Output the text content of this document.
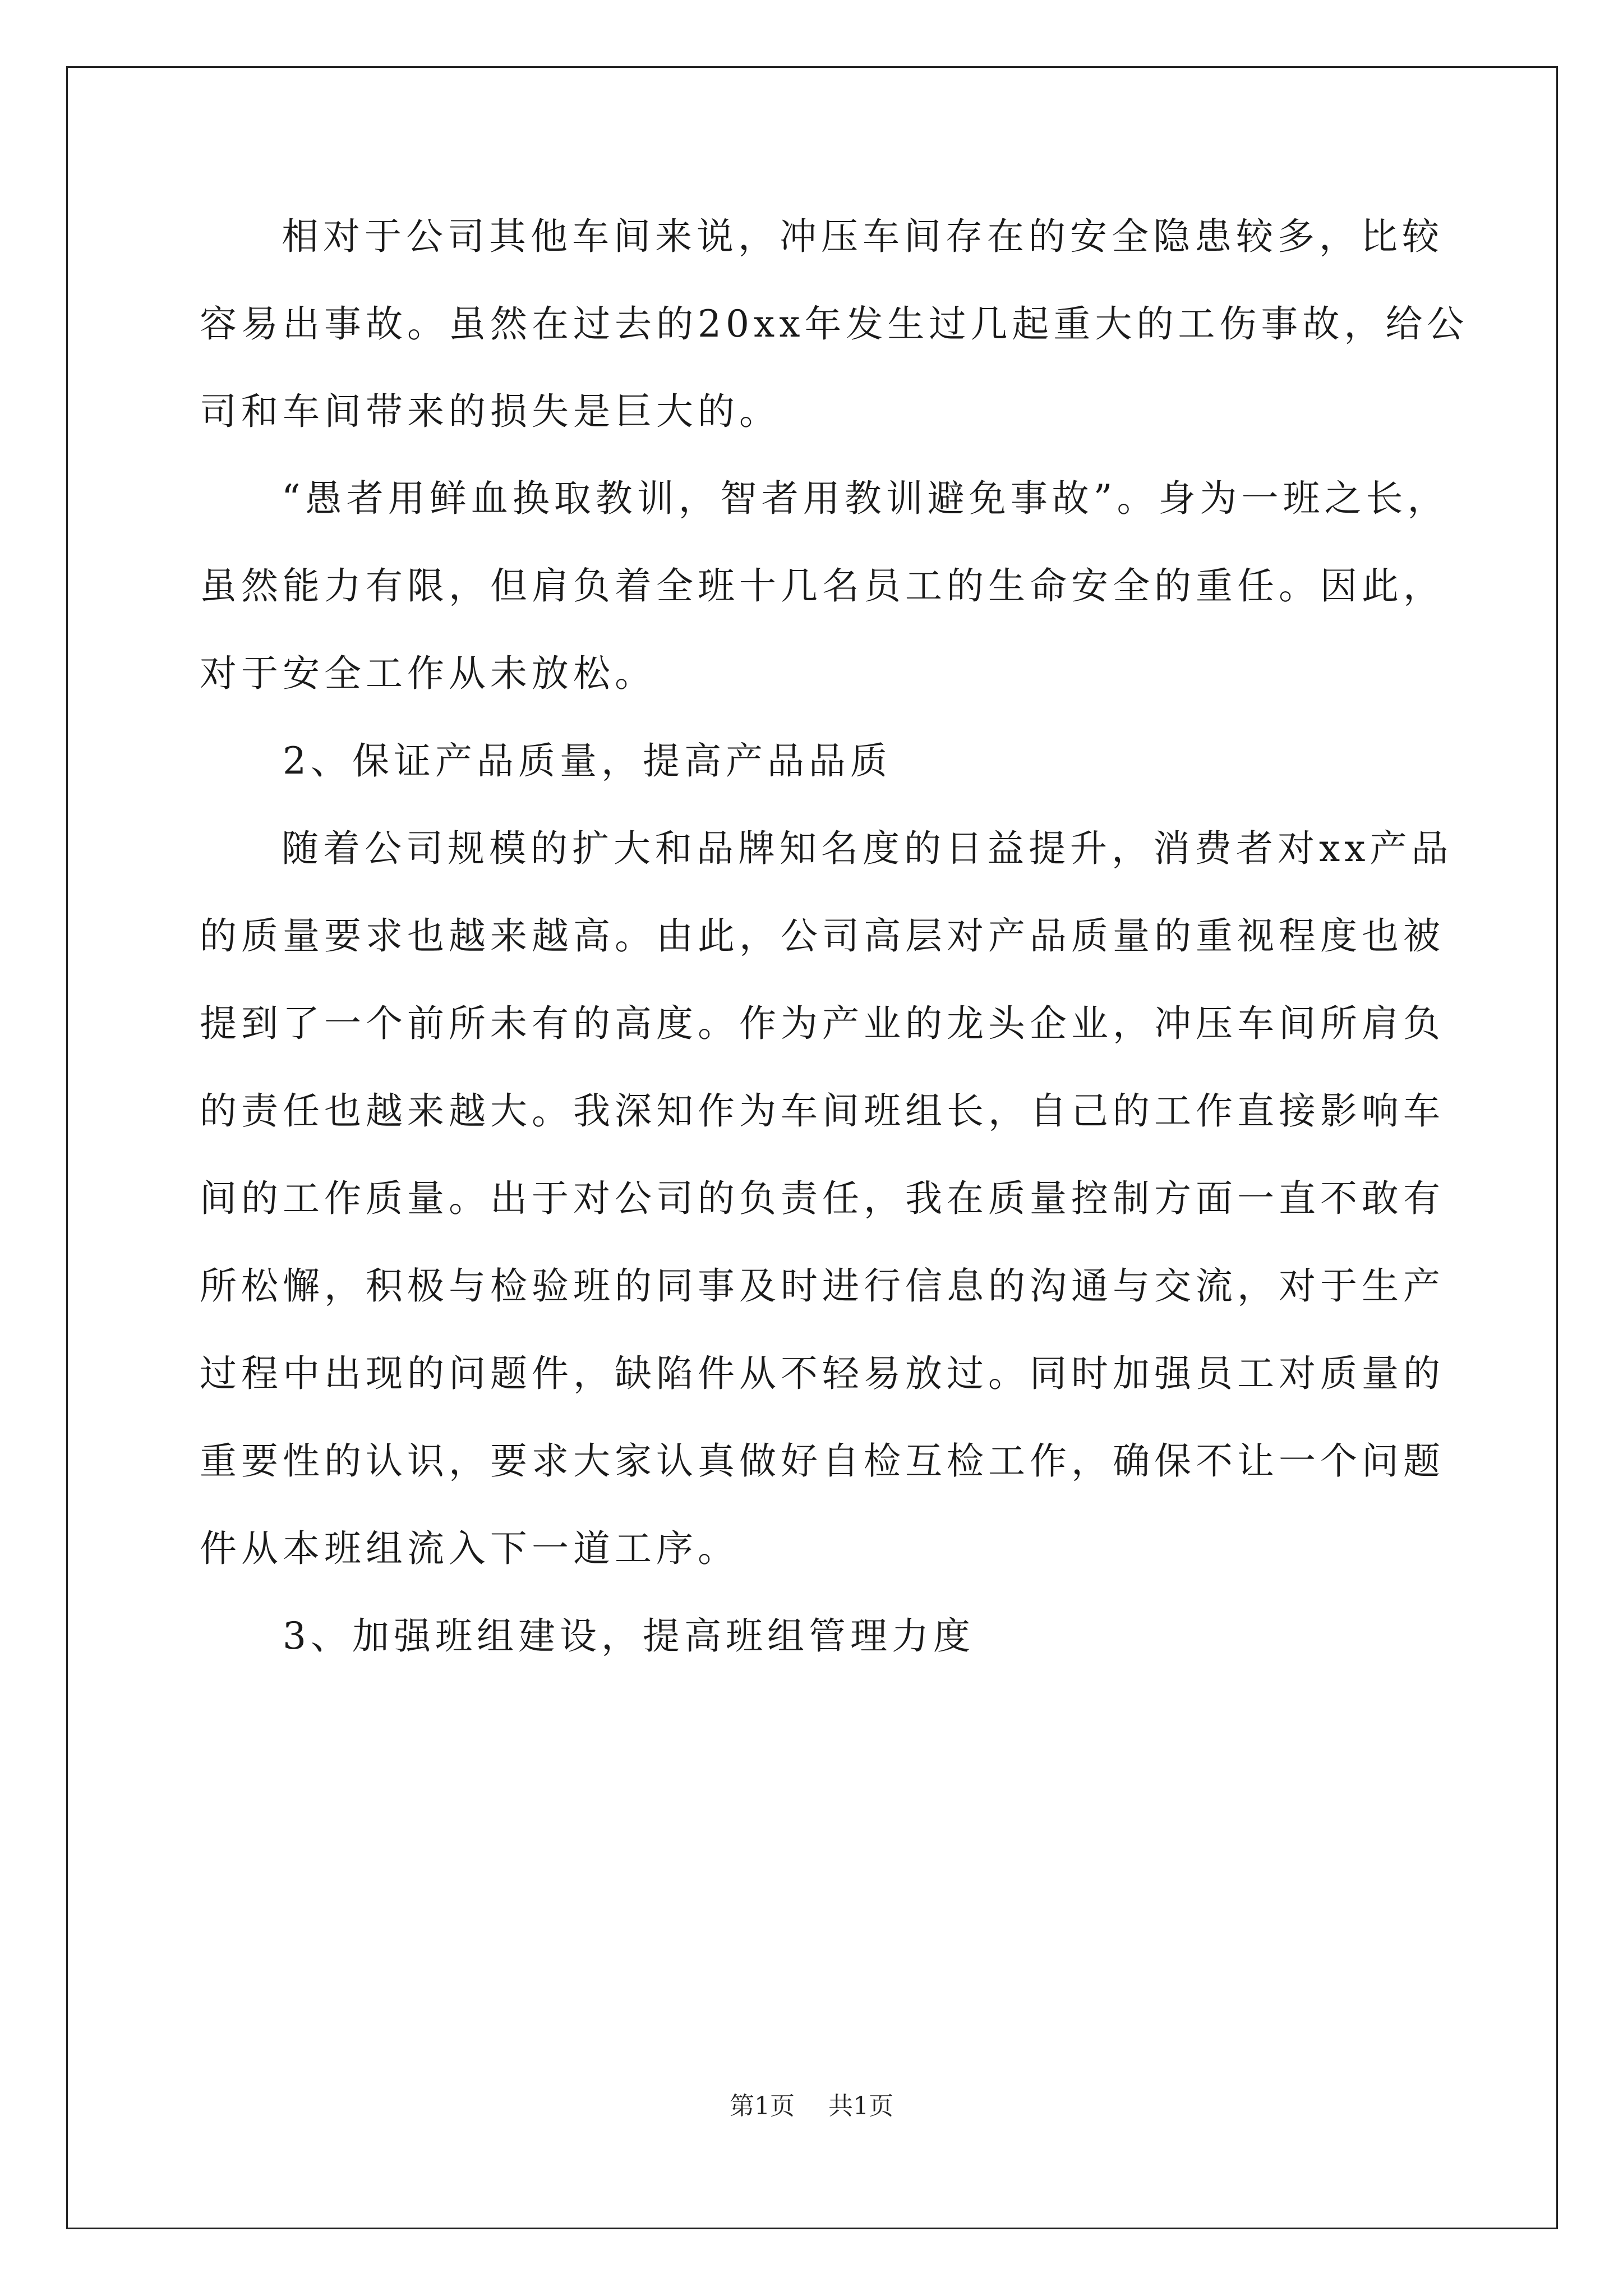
相对于公司其他车间来说，冲压车间存在的安全隐患较多，比较
容易出事故。虽然在过去的20xx年发生过几起重大的工伤事故，给公
司和车间带来的损失是巨大的。
“愚者用鲜血换取教训，智者用教训避免事故”。身为一班之长，
虽然能力有限，但肩负着全班十几名员工的生命安全的重任。因此，
对于安全工作从未放松。
2、保证产品质量，提高产品品质
随着公司规模的扩大和品牌知名度的日益提升，消费者对xx产品
的质量要求也越来越高。由此，公司高层对产品质量的重视程度也被
提到了一个前所未有的高度。作为产业的龙头企业，冲压车间所肩负
的责任也越来越大。我深知作为车间班组长，自己的工作直接影响车
间的工作质量。出于对公司的负责任，我在质量控制方面一直不敢有
所松懈，积极与检验班的同事及时进行信息的沟通与交流，对于生产
过程中出现的问题件，缺陷件从不轻易放过。同时加强员工对质量的
重要性的认识，要求大家认真做好自检互检工作，确保不让一个问题
件从本班组流入下一道工序。
3、加强班组建设，提高班组管理力度
第1页 共1页
